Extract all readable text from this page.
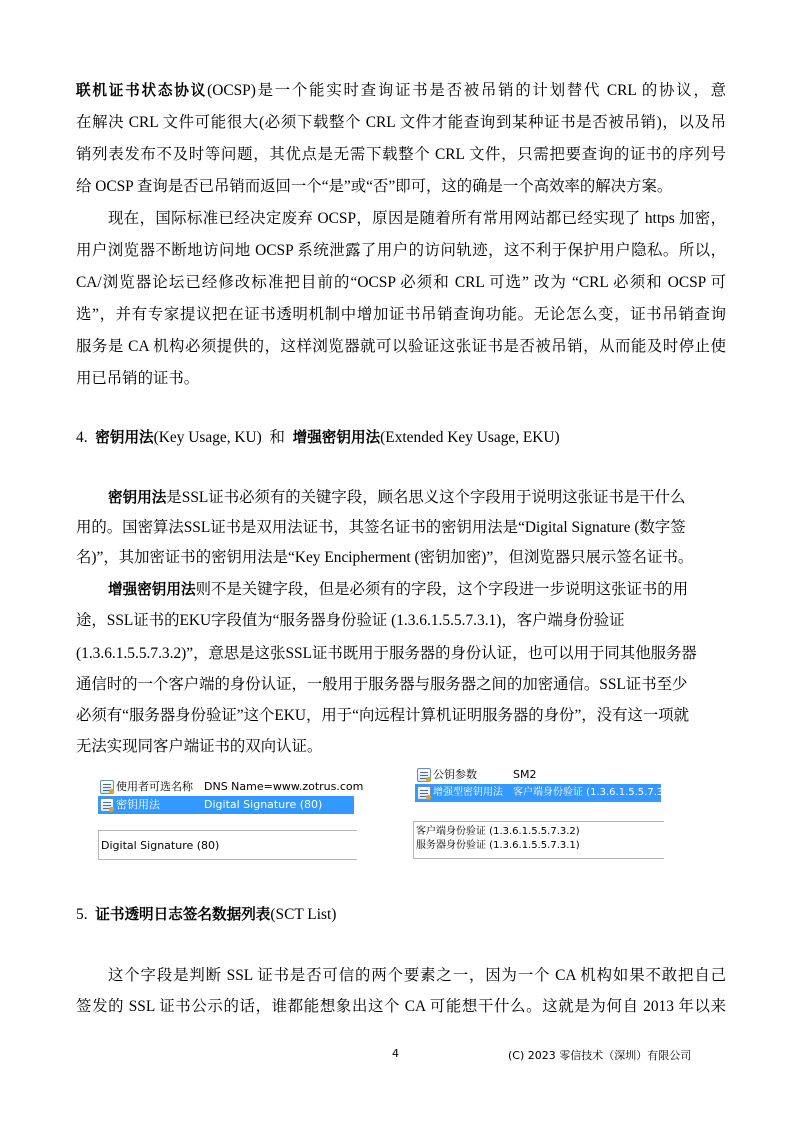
联机证书状态协议(OCSP)是一个能实时查询证书是否被吊销的计划替代 CRL 的协议，意
在解决 CRL 文件可能很大(必须下载整个 CRL 文件才能查询到某种证书是否被吊销)，以及吊
销列表发布不及时等问题，其优点是无需下载整个 CRL 文件，只需把要查询的证书的序列号
给 OCSP 查询是否已吊销而返回一个“是”或“否”即可，这的确是一个高效率的解决方案。
现在，国际标准已经决定废弃 OCSP，原因是随着所有常用网站都已经实现了 https 加密，
用户浏览器不断地访问地 OCSP 系统泄露了用户的访问轨迹，这不利于保护用户隐私。所以，
CA/浏览器论坛已经修改标准把目前的“OCSP 必须和 CRL 可选” 改为 “CRL 必须和 OCSP 可
选”，并有专家提议把在证书透明机制中增加证书吊销查询功能。无论怎么变，证书吊销查询
服务是 CA 机构必须提供的，这样浏览器就可以验证这张证书是否被吊销，从而能及时停止使
用已吊销的证书。
4. 密钥用法(Key Usage, KU) 和 增强密钥用法(Extended Key Usage, EKU)
密钥用法是SSL证书必须有的关键字段，顾名思义这个字段用于说明这张证书是干什么
用的。国密算法SSL证书是双用法证书，其签名证书的密钥用法是“Digital Signature (数字签
名)”，其加密证书的密钥用法是“Key Encipherment (密钥加密)”，但浏览器只展示签名证书。
增强密钥用法则不是关键字段，但是必须有的字段，这个字段进一步说明这张证书的用
途，SSL证书的EKU字段值为“服务器身份验证 (1.3.6.1.5.5.7.3.1)，客户端身份验证
(1.3.6.1.5.5.7.3.2)”，意思是这张SSL证书既用于服务器的身份认证，也可以用于同其他服务器
通信时的一个客户端的身份认证，一般用于服务器与服务器之间的加密通信。SSL证书至少
必须有“服务器身份验证”这个EKU，用于“向远程计算机证明服务器的身份”，没有这一项就
无法实现同客户端证书的双向认证。
使用者可选名称 DNS Name=www.zotrus.com
密钥用法	Digital Signature (80)
Digital Signature (80)
公钥参数	SM2
增强型密钥用法 客户端身份验证 (1.3.6.1.5.5.7.3.2)
客户端身份验证 (1.3.6.1.5.5.7.3.2)
服务器身份验证 (1.3.6.1.5.5.7.3.1)
5. 证书透明日志签名数据列表(SCT List)
这个字段是判断 SSL 证书是否可信的两个要素之一，因为一个 CA 机构如果不敢把自己
签发的 SSL 证书公示的话，谁都能想象出这个 CA 可能想干什么。这就是为何自 2013 年以来
4	(C) 2023 零信技术（深圳）有限公司
